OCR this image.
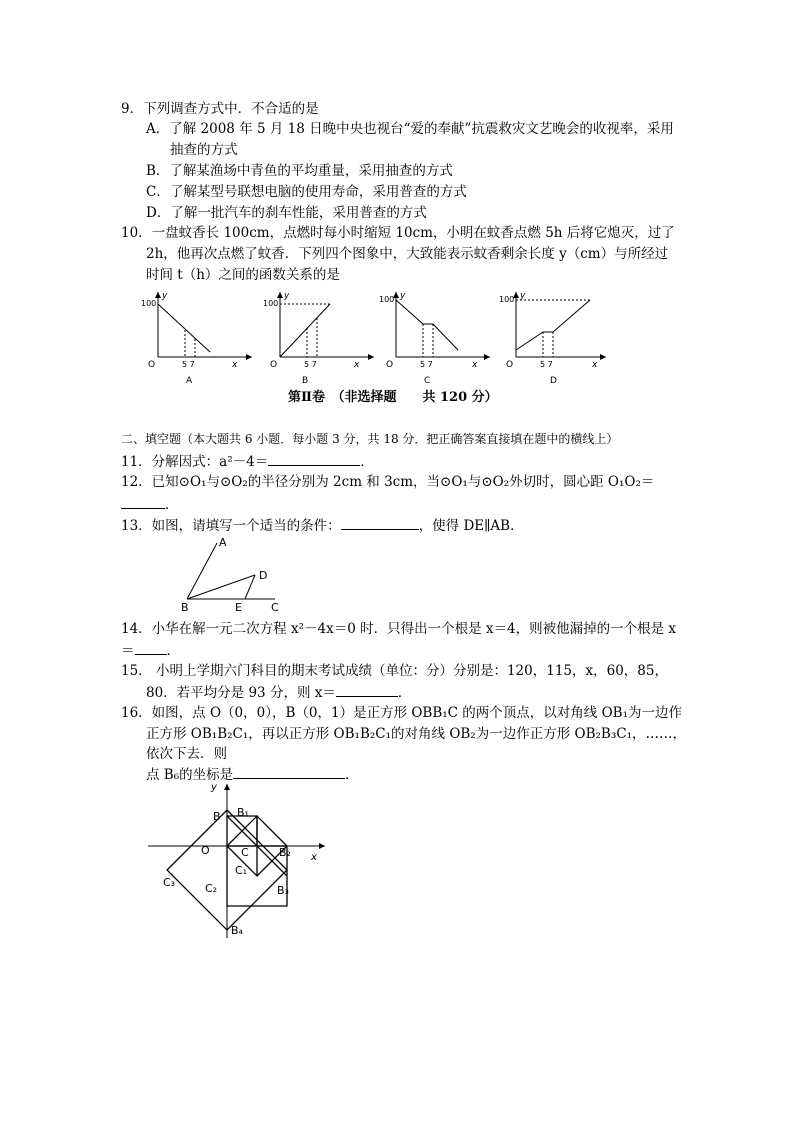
9．下列调查方式中．不合适的是
A．了解 2008 年 5 月 18 日晚中央也视台“爱的奉献”抗震救灾文艺晚会的收视率，采用
抽查的方式
B．了解某渔场中青鱼的平均重量，采用抽查的方式
C．了解某型号联想电脑的使用寿命，采用普查的方式
D．了解一批汽车的刹车性能，采用普查的方式
10．一盘蚊香长 100cm，点燃时每小时缩短 10cm，小明在蚊香点燃 5h 后将它熄灭，过了
2h，他再次点燃了蚊香．下列四个图象中，大致能表示蚊香剩余长度 y（cm）与所经过
时间 t（h）之间的函数关系的是
100
y
O	5 7	x
A
100
y
O	5 7	x
B
100 y
O	5 7	x
C
100 y
O	5 7	x
D
第Ⅱ卷　（非选择题　　共 120 分）
二、填空题（本大题共 6 小题．每小题 3 分，共 18 分．把正确答案直接填在题中的横线上）
11．分解因式：a²－4＝	．
12．已知⊙O₁与⊙O₂的半径分别为 2cm 和 3cm，当⊙O₁与⊙O₂外切时，圆心距 O₁O₂＝
．
13．如图，请填写一个适当的条件：	，使得 DE∥AB．
A
B
D
E	C
14．小华在解一元二次方程 x²－4x＝0 时．只得出一个根是 x＝4，则被他漏掉的一个根是 x
＝ ．
15． 小明上学期六门科目的期末考试成绩（单位：分）分别是：120，115，x，60，85，
80．若平均分是 93 分，则 x＝	．
16．如图，点 O（0，0），B（0，1）是正方形 OBB₁C 的两个顶点，以对角线 OB₁为一边作
正方形 OB₁B₂C₁，再以正方形 OB₁B₂C₁的对角线 OB₂为一边作正方形 OB₂B₃C₁，……，
依次下去．则
点 B₆的坐标是	．
y
x
B B₁
O	C	B₂
C₁
C₂
C₃
B₃
B₄
